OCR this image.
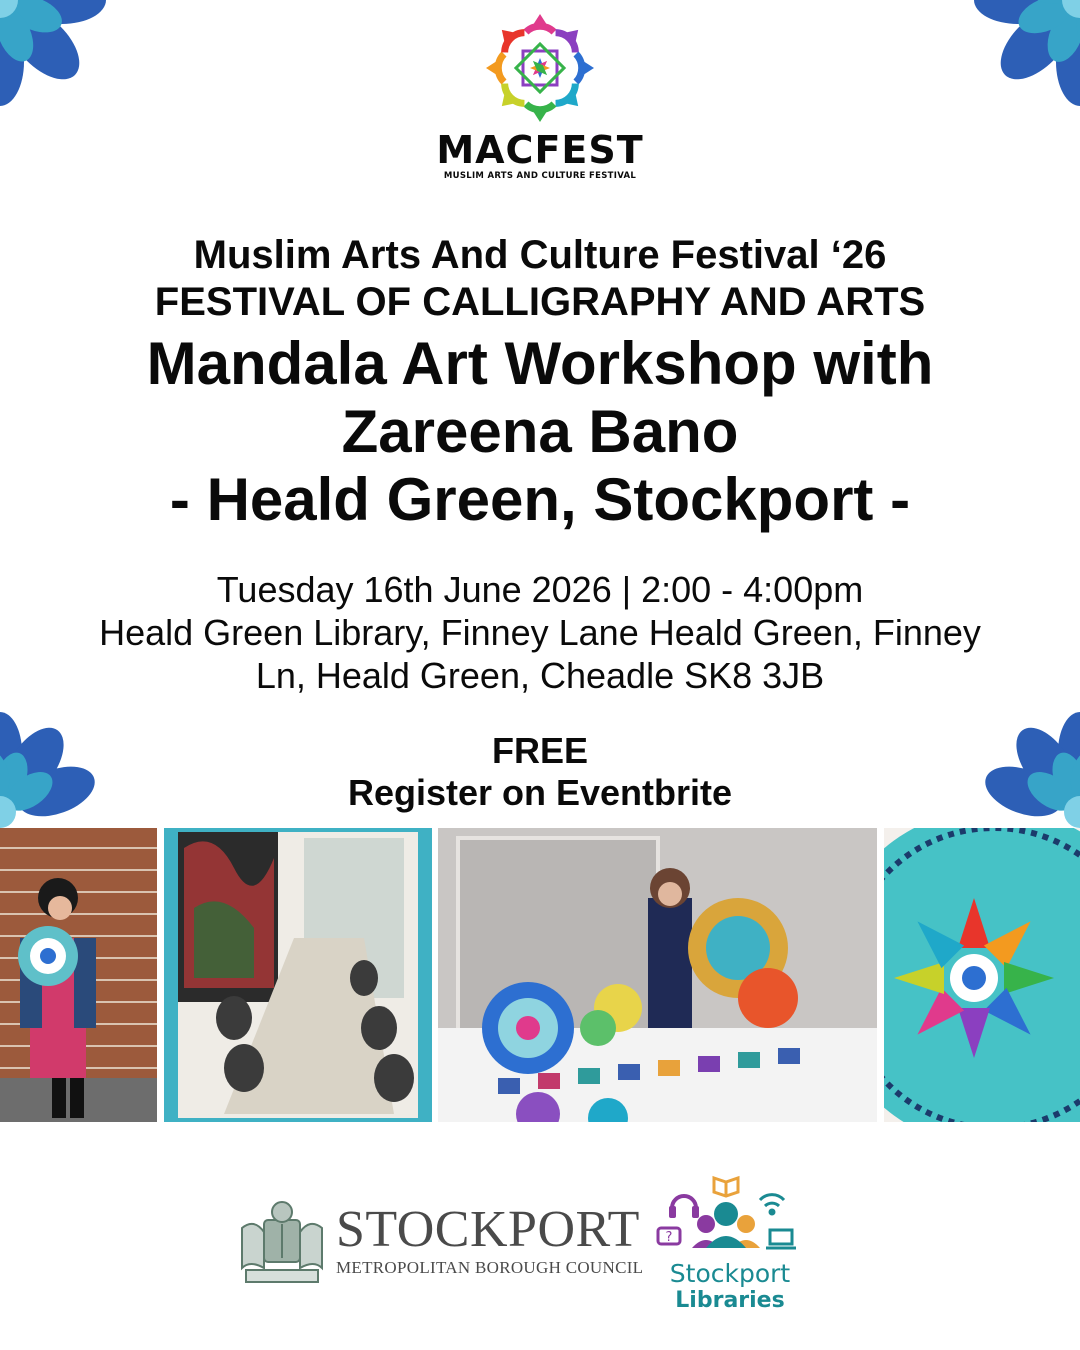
MACFEST
MUSLIM ARTS AND CULTURE FESTIVAL
Muslim Arts And Culture Festival ‘26
FESTIVAL OF CALLIGRAPHY AND ARTS
Mandala Art Workshop with
Zareena Bano
- Heald Green, Stockport -
Tuesday 16th June 2026 | 2:00 - 4:00pm
Heald Green Library, Finney Lane Heald Green, Finney
Ln, Heald Green, Cheadle SK8 3JB
FREE
Register on Eventbrite
STOCKPORT
METROPOLITAN BOROUGH COUNCIL
?
Stockport
Libraries
